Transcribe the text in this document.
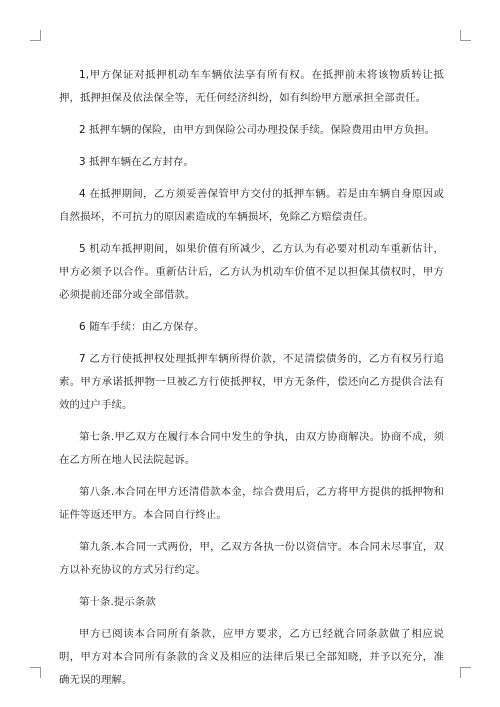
1,甲方保证对抵押机动车车辆依法享有所有权。在抵押前未将该物质转让抵押，抵押担保及依法保全等，无任何经济纠纷，如有纠纷甲方愿承担全部责任。

2 抵押车辆的保险，由甲方到保险公司办理投保手续。保险费用由甲方负担。

3 抵押车辆在乙方封存。

4 在抵押期间，乙方须妥善保管甲方交付的抵押车辆。若是由车辆自身原因或自然损坏，不可抗力的原因素造成的车辆损坏，免除乙方赔偿责任。

5 机动车抵押期间，如果价值有所减少，乙方认为有必要对机动车重新估计，甲方必须予以合作。重新估计后，乙方认为机动车价值不足以担保其债权时，甲方必须提前还部分或全部借款。

6 随车手续：由乙方保存。

7 乙方行使抵押权处理抵押车辆所得价款，不足清偿债务的，乙方有权另行追索。甲方承诺抵押物一旦被乙方行使抵押权，甲方无条件，偿还向乙方提供合法有效的过户手续。

第七条.甲乙双方在履行本合同中发生的争执，由双方协商解决。协商不成，须在乙方所在地人民法院起诉。

第八条.本合同在甲方还清借款本金，综合费用后，乙方将甲方提供的抵押物和证件等返还甲方。本合同自行终止。

第九条.本合同一式两份，甲，乙双方各执一份以资信守。本合同未尽事宜，双方以补充协议的方式另行约定。

第十条.提示条款

甲方已阅读本合同所有条款，应甲方要求，乙方已经就合同条款做了相应说明，甲方对本合同所有条款的含义及相应的法律后果已全部知晓，并予以充分，准确无误的理解。
